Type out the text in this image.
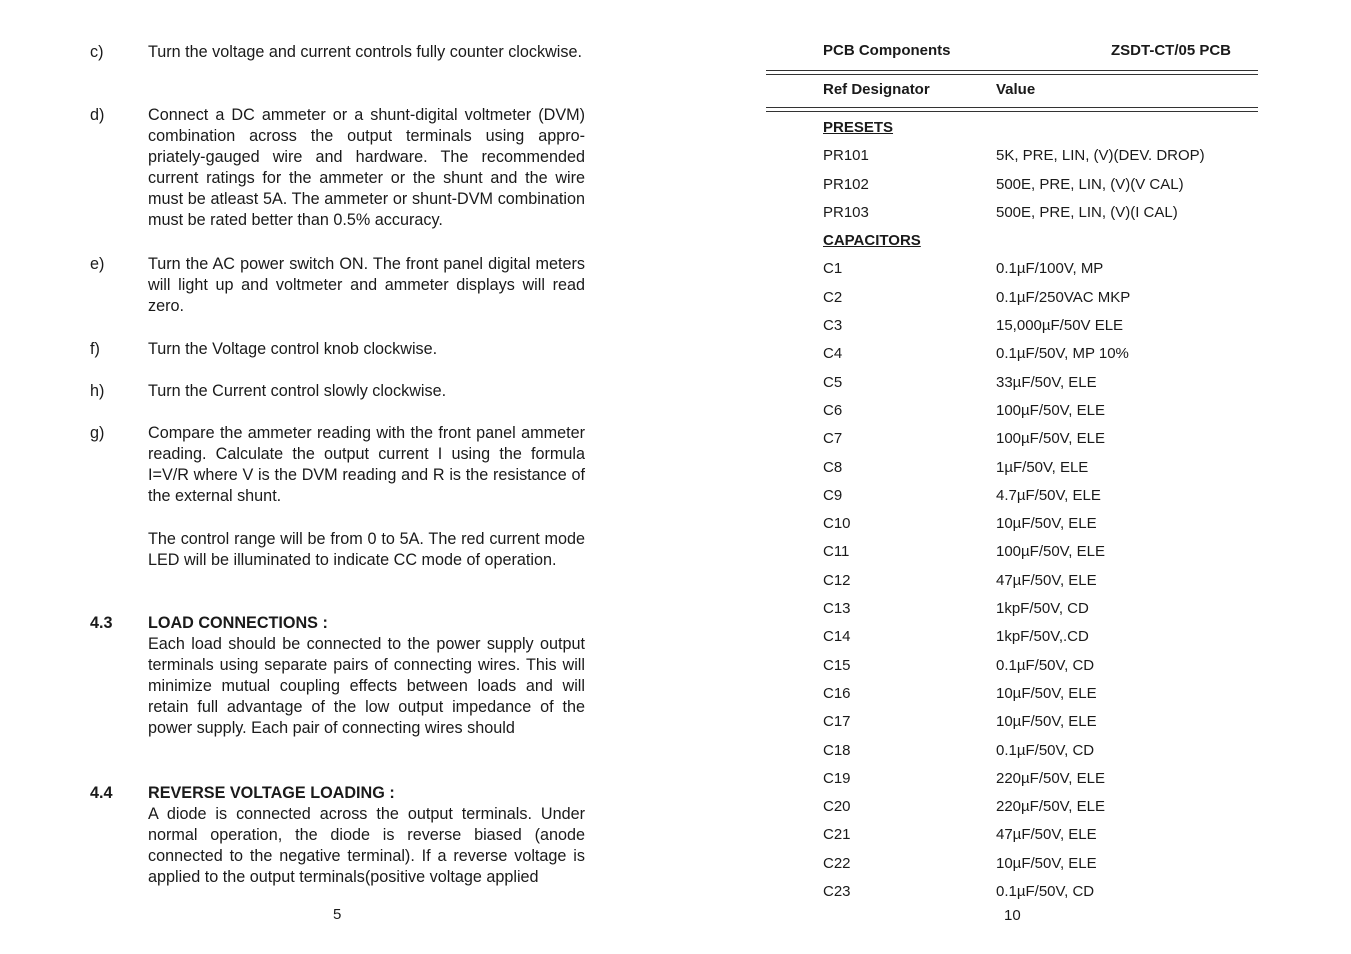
c)	Turn the voltage and current controls fully counter clockwise.
d)	Connect a DC ammeter or a shunt-digital voltmeter (DVM) combination across the output terminals using appro-priately-gauged wire and hardware. The recommended current ratings for the ammeter or the shunt and the wire must be atleast 5A. The ammeter or shunt-DVM combination must be rated better than 0.5% accuracy.
e)	Turn the AC power switch ON. The front panel digital meters will light up and voltmeter and ammeter displays will read zero.
f)	Turn the Voltage control knob clockwise.
h)	Turn the Current control slowly clockwise.
g)	Compare the ammeter reading with the front panel ammeter reading. Calculate the output current I using the formula I=V/R where V is the DVM reading and R is the resistance of the external shunt.
The control range will be from 0 to 5A. The red current mode LED will be illuminated to indicate CC mode of operation.
4.3	LOAD CONNECTIONS :
Each load should be connected to the power supply output terminals using separate pairs of connecting wires. This will minimize mutual coupling effects between loads and will retain full advantage of the low output impedance of the power supply. Each pair of connecting wires should
4.4	REVERSE VOLTAGE LOADING :
A diode is connected across the output terminals. Under normal operation, the diode is reverse biased (anode connected to the negative terminal). If a reverse voltage is applied to the output terminals(positive voltage applied
5
PCB Components	ZSDT-CT/05 PCB
Ref Designator	Value
PRESETS
PR101	5K, PRE, LIN, (V)(DEV. DROP)
PR102	500E, PRE, LIN, (V)(V CAL)
PR103	500E, PRE, LIN, (V)(I CAL)
CAPACITORS
C1	0.1µF/100V, MP
C2	0.1µF/250VAC MKP
C3	15,000µF/50V ELE
C4	0.1µF/50V, MP 10%
C5	33µF/50V, ELE
C6	100µF/50V, ELE
C7	100µF/50V, ELE
C8	1µF/50V, ELE
C9	4.7µF/50V, ELE
C10	10µF/50V, ELE
C11	100µF/50V, ELE
C12	47µF/50V, ELE
C13	1kpF/50V, CD
C14	1kpF/50V,.CD
C15	0.1µF/50V, CD
C16	10µF/50V, ELE
C17	10µF/50V, ELE
C18	0.1µF/50V, CD
C19	220µF/50V, ELE
C20	220µF/50V, ELE
C21	47µF/50V, ELE
C22	10µF/50V, ELE
C23	0.1µF/50V, CD
10
